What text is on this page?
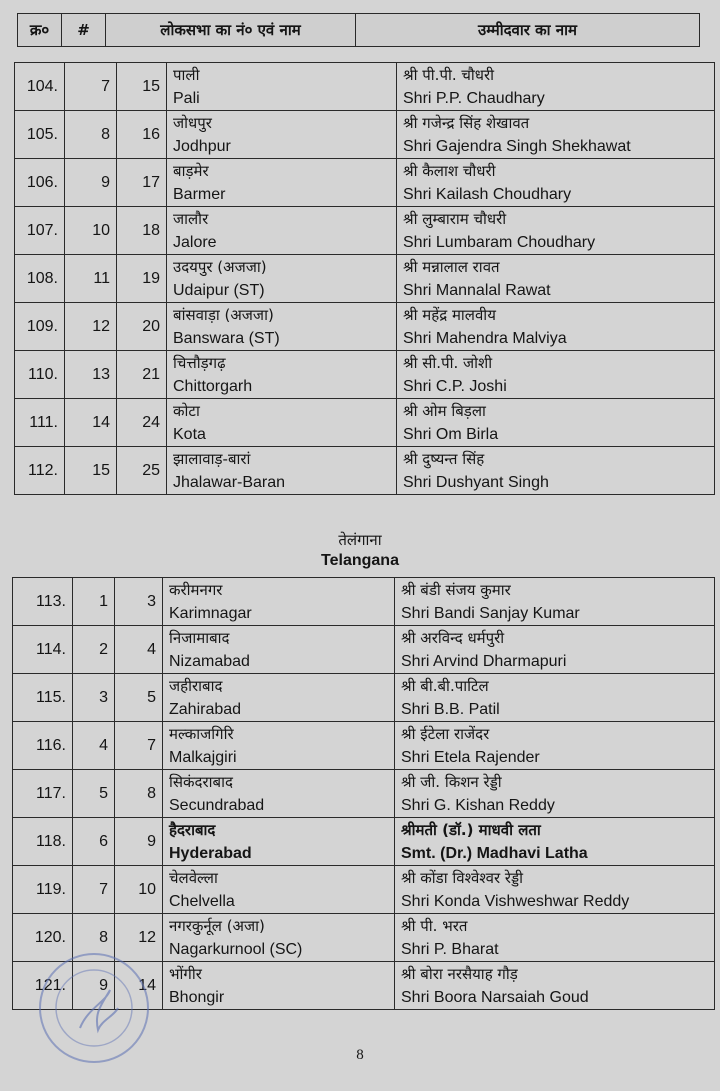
क्र०	#	लोकसभा का नं० एवं नाम	उम्मीदवार का नाम
104.	7	15	पाली
Pali	श्री पी.पी. चौधरी
Shri P.P. Chaudhary

105.	8	16	जोधपुर
Jodhpur	श्री गजेन्द्र सिंह शेखावत
Shri Gajendra Singh Shekhawat

106.	9	17	बाड़मेर
Barmer	श्री कैलाश चौधरी
Shri Kailash Choudhary

107.	10	18	जालौर
Jalore	श्री लुम्बाराम चौधरी
Shri Lumbaram Choudhary

108.	11	19	उदयपुर (अजजा)
Udaipur (ST)	श्री मन्नालाल रावत
Shri Mannalal Rawat

109.	12	20	बांसवाड़ा (अजजा)
Banswara (ST)	श्री महेंद्र मालवीय
Shri Mahendra Malviya

110.	13	21	चित्तौड़गढ़
Chittorgarh	श्री सी.पी. जोशी
Shri C.P. Joshi

111.	14	24	कोटा
Kota	श्री ओम बिड़ला
Shri Om Birla

112.	15	25	झालावाड़-बारां
Jhalawar-Baran	श्री दुष्यन्त सिंह
Shri Dushyant Singh
तेलंगाना
Telangana
113.	1	3	करीमनगर
Karimnagar	श्री बंडी संजय कुमार
Shri Bandi Sanjay Kumar

114.	2	4	निजामाबाद
Nizamabad	श्री अरविन्द धर्मपुरी
Shri Arvind Dharmapuri

115.	3	5	जहीराबाद
Zahirabad	श्री बी.बी.पाटिल
Shri B.B. Patil

116.	4	7	मल्काजगिरि
Malkajgiri	श्री ईटेला राजेंदर
Shri Etela Rajender

117.	5	8	सिकंदराबाद
Secundrabad	श्री जी. किशन रेड्डी
Shri G. Kishan Reddy

118.	6	9	हैदराबाद
Hyderabad	श्रीमती (डॉ.) माधवी लता
Smt. (Dr.) Madhavi Latha

119.	7	10	चेलवेल्ला
Chelvella	श्री कोंडा विश्वेश्वर रेड्डी
Shri Konda Vishweshwar Reddy

120.	8	12	नगरकुर्नूल (अजा)
Nagarkurnool (SC)	श्री पी. भरत
Shri P. Bharat

121.	9	14	भोंगीर
Bhongir	श्री बोरा नरसैयाह गौड़
Shri Boora Narsaiah Goud
8
